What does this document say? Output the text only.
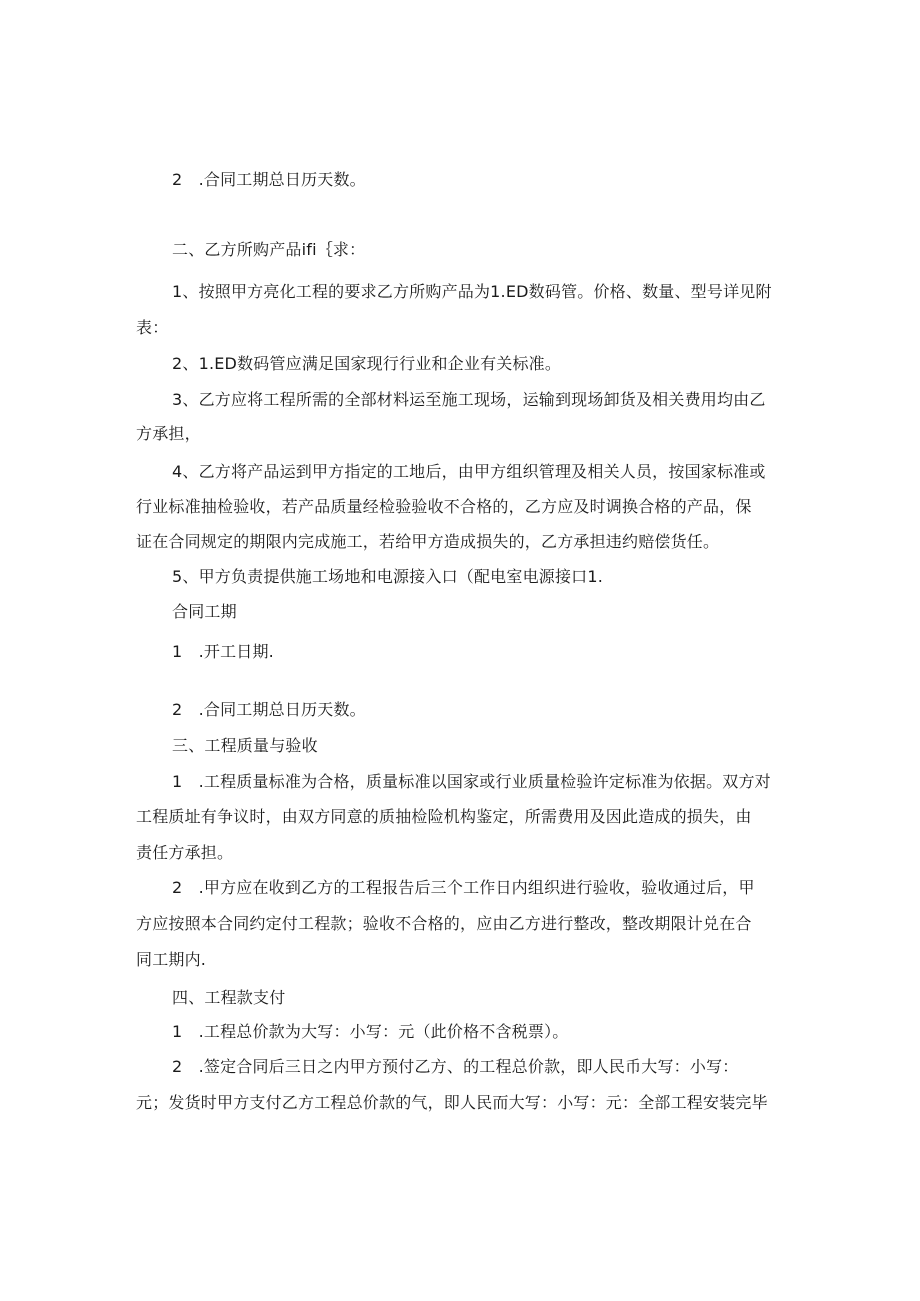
2　.合同工期总日历天数。
二、乙方所购产品ifi｛求：
1、按照甲方亮化工程的要求乙方所购产品为1.ED数码管。价格、数量、型号详见附
表：
2、1.ED数码管应满足国家现行行业和企业有关标准。
3、乙方应将工程所需的全部材料运至施工现场，运输到现场卸货及相关费用均由乙
方承担，
4、乙方将产品运到甲方指定的工地后，由甲方组织管理及相关人员，按国家标准或
行业标准抽检验收，若产品质量经检验验收不合格的，乙方应及时调换合格的产品，保
证在合同规定的期限内完成施工，若给甲方造成损失的，乙方承担违约赔偿货任。
5、甲方负责提供施工场地和电源接入口（配电室电源接口1.
合同工期
1　.开工日期.
2　.合同工期总日历天数。
三、工程质量与验收
1　.工程质量标准为合格，质量标准以国家或行业质量检验许定标准为依据。双方对
工程质址有争议时，由双方同意的质抽检险机构鉴定，所需费用及因此造成的损失，由
责任方承担。
2　.甲方应在收到乙方的工程报告后三个工作日内组织进行验收，验收通过后，甲
方应按照本合同约定付工程款；验收不合格的，应由乙方进行整改，整改期限计兑在合
同工期内.
四、工程款支付
1　.工程总价款为大写：小写：元（此价格不含税票）。
2　.签定合同后三日之内甲方预付乙方、的工程总价款，即人民币大写：小写：
元；发货时甲方支付乙方工程总价款的气，即人民而大写：小写：元：全部工程安装完毕
